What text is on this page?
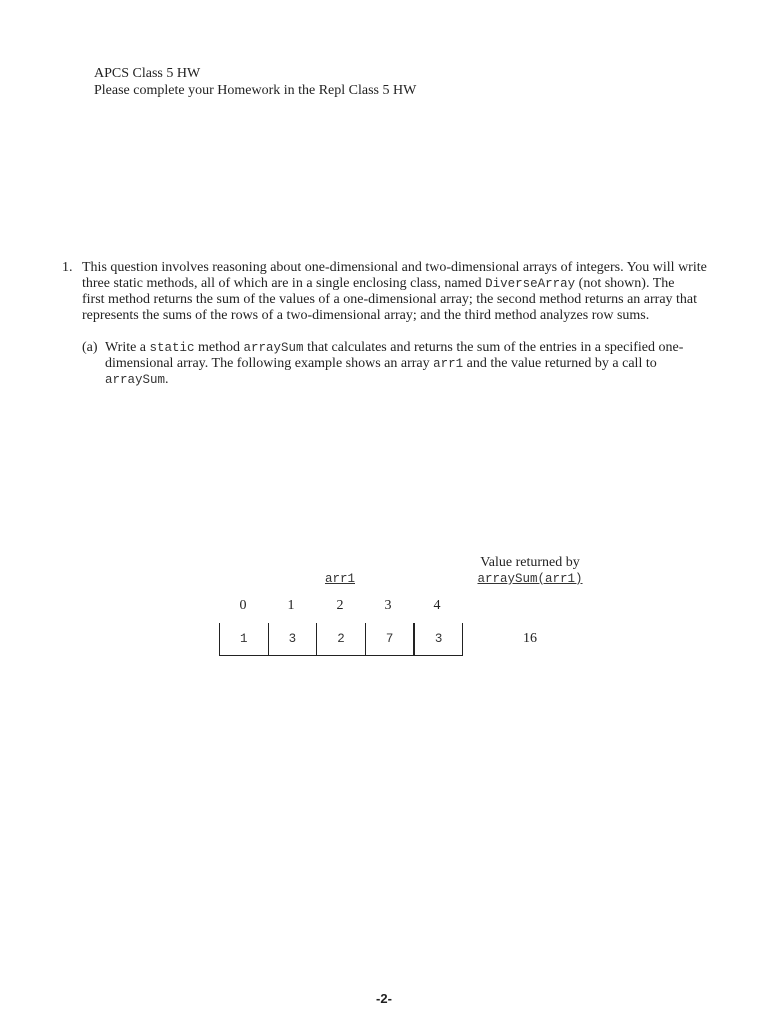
APCS Class 5 HW
Please complete your Homework in the Repl Class 5 HW
1. This question involves reasoning about one-dimensional and two-dimensional arrays of integers. You will write
three static methods, all of which are in a single enclosing class, named DiverseArray (not shown). The
first method returns the sum of the values of a one-dimensional array; the second method returns an array that
represents the sums of the rows of a two-dimensional array; and the third method analyzes row sums.
(a) Write a static method arraySum that calculates and returns the sum of the entries in a specified one-
dimensional array. The following example shows an array arr1 and the value returned by a call to
arraySum.
Value returned by
arraySum(arr1)
arr1
0	1	2	3	4
1	3	2	7	3	16
-2-
